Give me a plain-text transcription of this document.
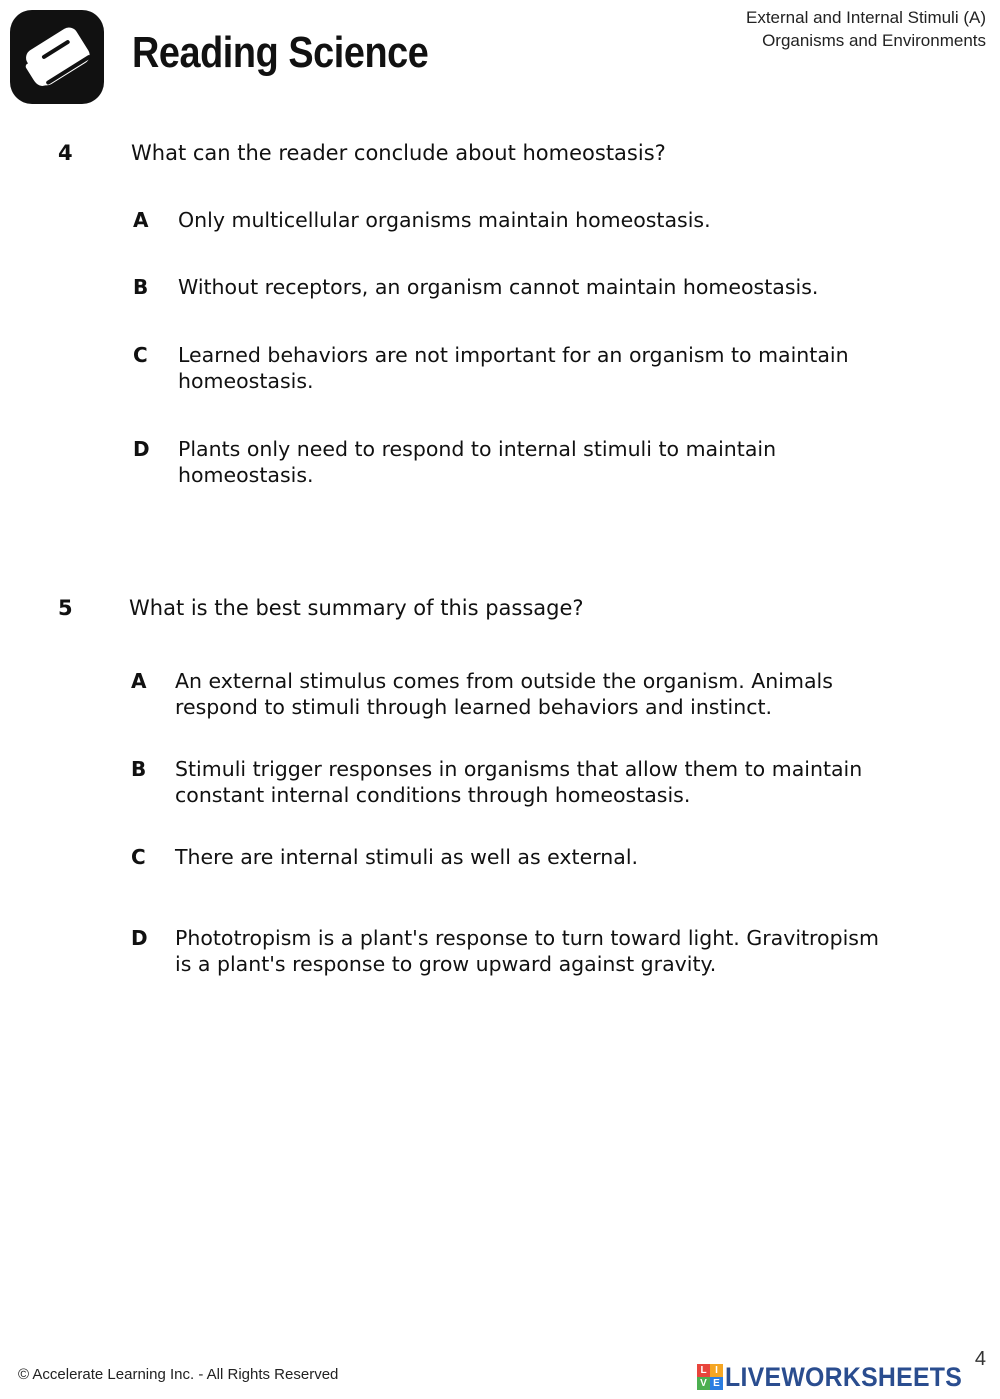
Reading Science
External and Internal Stimuli (A)
Organisms and Environments
4	What can the reader conclude about homeostasis?
A Only multicellular organisms maintain homeostasis.
B Without receptors, an organism cannot maintain homeostasis.
C Learned behaviors are not important for an organism to maintain
homeostasis.
D Plants only need to respond to internal stimuli to maintain
homeostasis.
5	What is the best summary of this passage?
A An external stimulus comes from outside the organism. Animals
respond to stimuli through learned behaviors and instinct.
B Stimuli trigger responses in organisms that allow them to maintain
constant internal conditions through homeostasis.
C There are internal stimuli as well as external.
D Phototropism is a plant's response to turn toward light. Gravitropism
is a plant's response to grow upward against gravity.
© Accelerate Learning Inc. - All Rights Reserved
4
L I
V E LIVEWORKSHEETS
